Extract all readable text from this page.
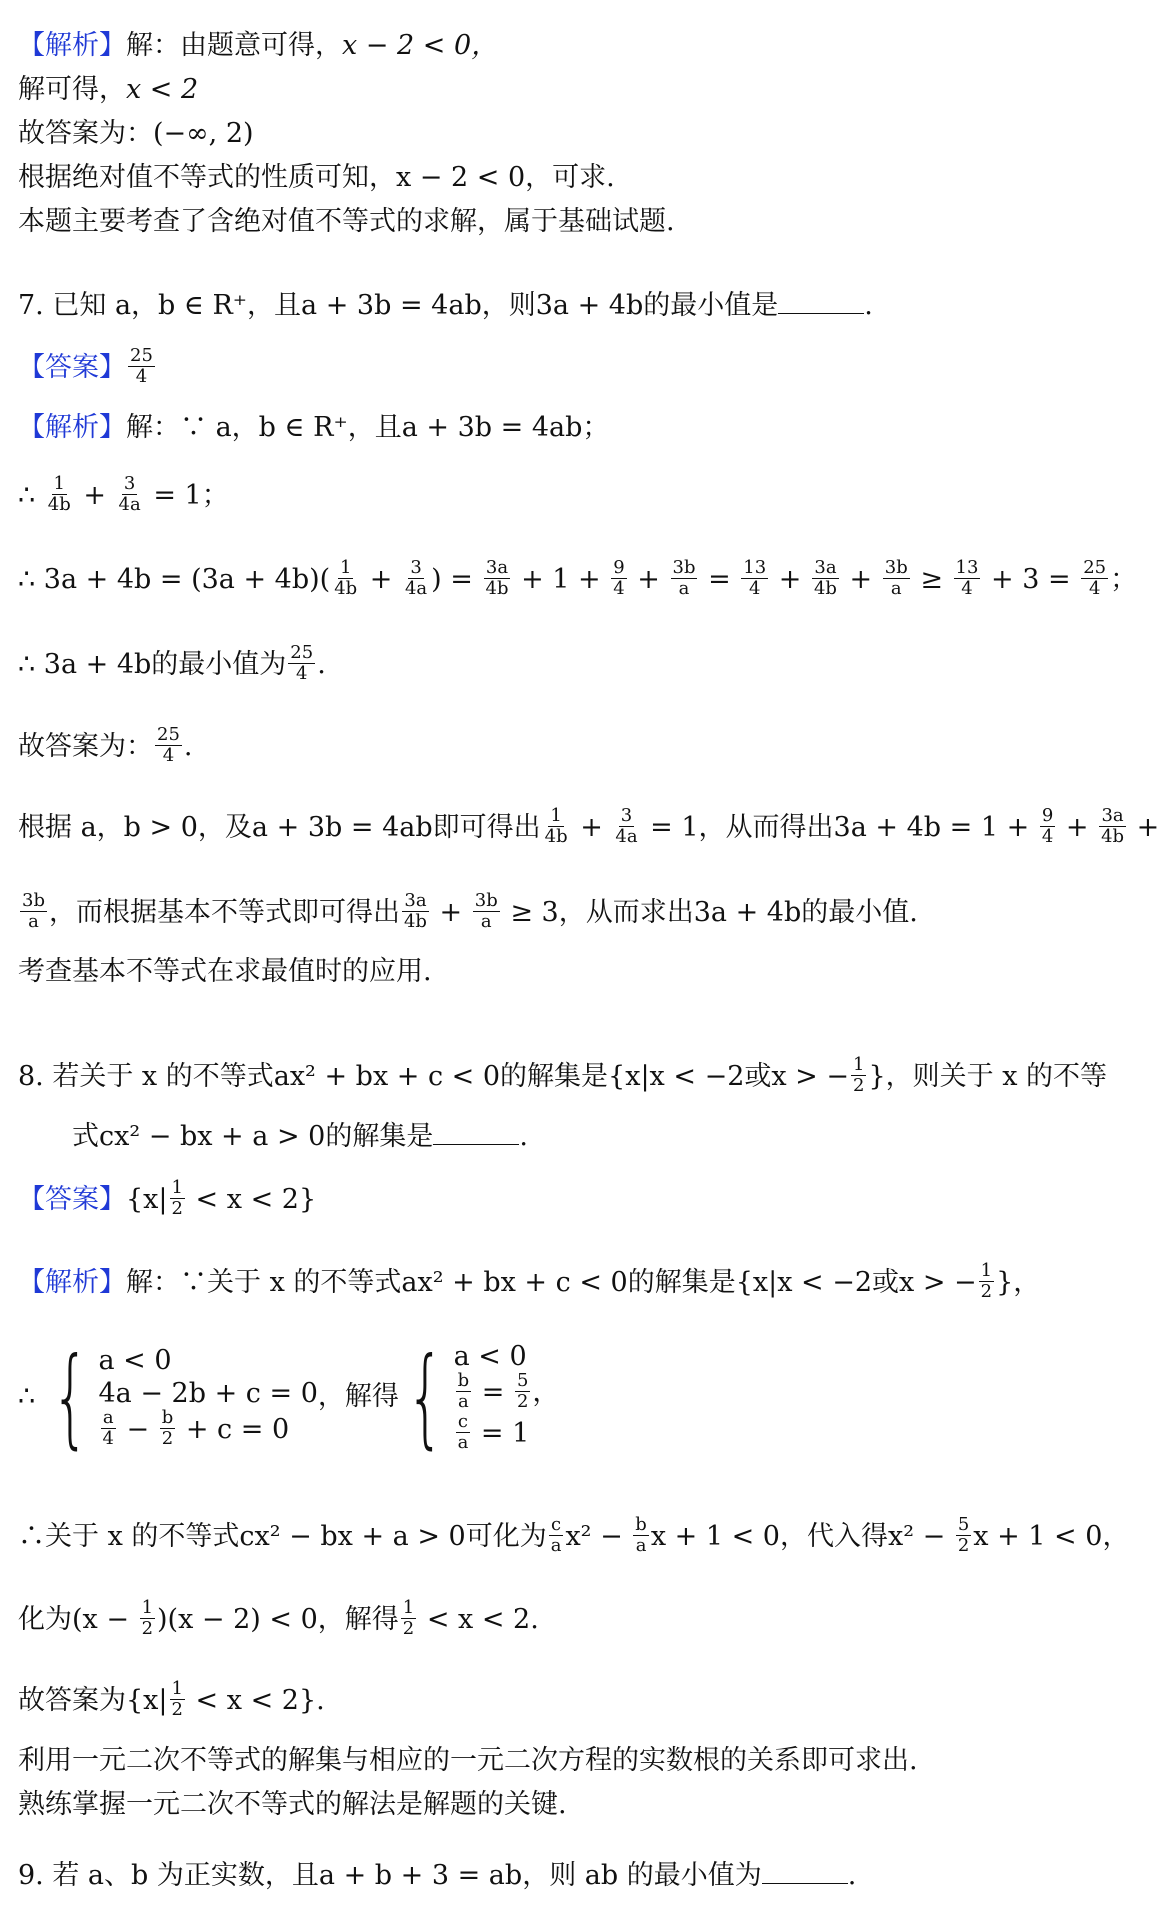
【解析】解：由题意可得，x − 2 < 0，
解可得，x < 2
故答案为：(−∞, 2)
根据绝对值不等式的性质可知，x − 2 < 0，可求.
本题主要考查了含绝对值不等式的求解，属于基础试题.
7. 已知 a，b ∈ R⁺，且a + 3b = 4ab，则3a + 4b的最小值是	.
【答案】 $\frac{25}{4}$
【解析】解：∵ a，b ∈ R⁺，且a + 3b = 4ab；
∴ $\frac{1}{4b} + \frac{3}{4a} = 1$；
∴ $3a + 4b = (3a + 4b)( \frac{1}{4b} + \frac{3}{4a}$ ) = $\frac{3a}{4b} + 1 + \frac{9}{4} + \frac{3b}{a} = \frac{13}{4} + \frac{3a}{4b} + \frac{3b}{a} \ge \frac{13}{4} + 3 = \frac{25}{4}$ ；
∴ 3a + 4b的最小值为 $\frac{25}{4}$ .
故答案为： $\frac{25}{4}$ .
根据 a，b > 0，及a + 3b = 4ab即可得出 $\frac{1}{4b} + \frac{3}{4a} = 1$，从而得出$3a + 4b = 1 + \frac{9}{4} + \frac{3a}{4b}$ +
$\frac{3b}{a}$ ，而根据基本不等式即可得出 $\frac{3a}{4b} + \frac{3b}{a} \ge 3$，从而求出3a + 4b的最小值.
考查基本不等式在求最值时的应用.
8. 若关于 x 的不等式ax² + bx + c < 0的解集是{x|x < −2或x > − $\frac{1}{2}$ }，则关于 x 的不等
式cx² − bx + a > 0的解集是	.
【答案】$\{x| \frac{1}{2} < x < 2\}$
【解析】解：∵关于 x 的不等式ax² + bx + c < 0的解集是{x|x < −2或x > − $\frac{1}{2}$ }，
∴ { a < 0
4a − 2b + c = 0
$\frac{a}{4} - \frac{b}{2} + c = 0$
，解得 { a < 0
$\frac{b}{a} = \frac{5}{2}$ ，
$\frac{c}{a} = 1$
∴关于 x 的不等式cx² − bx + a > 0可化为 $\frac{c}{a} x^2 - \frac{b}{a}$ x + 1 < 0，代入得$x^2 - \frac{5}{2}$ x + 1 < 0，
化为$(x - \frac{1}{2} )(x - 2) < 0$，解得 $\frac{1}{2} < x < 2$.
故答案为$\{x| \frac{1}{2} < x < 2\}$.
利用一元二次不等式的解集与相应的一元二次方程的实数根的关系即可求出.
熟练掌握一元二次不等式的解法是解题的关键.
9. 若 a、b 为正实数，且a + b + 3 = ab，则 ab 的最小值为	.
